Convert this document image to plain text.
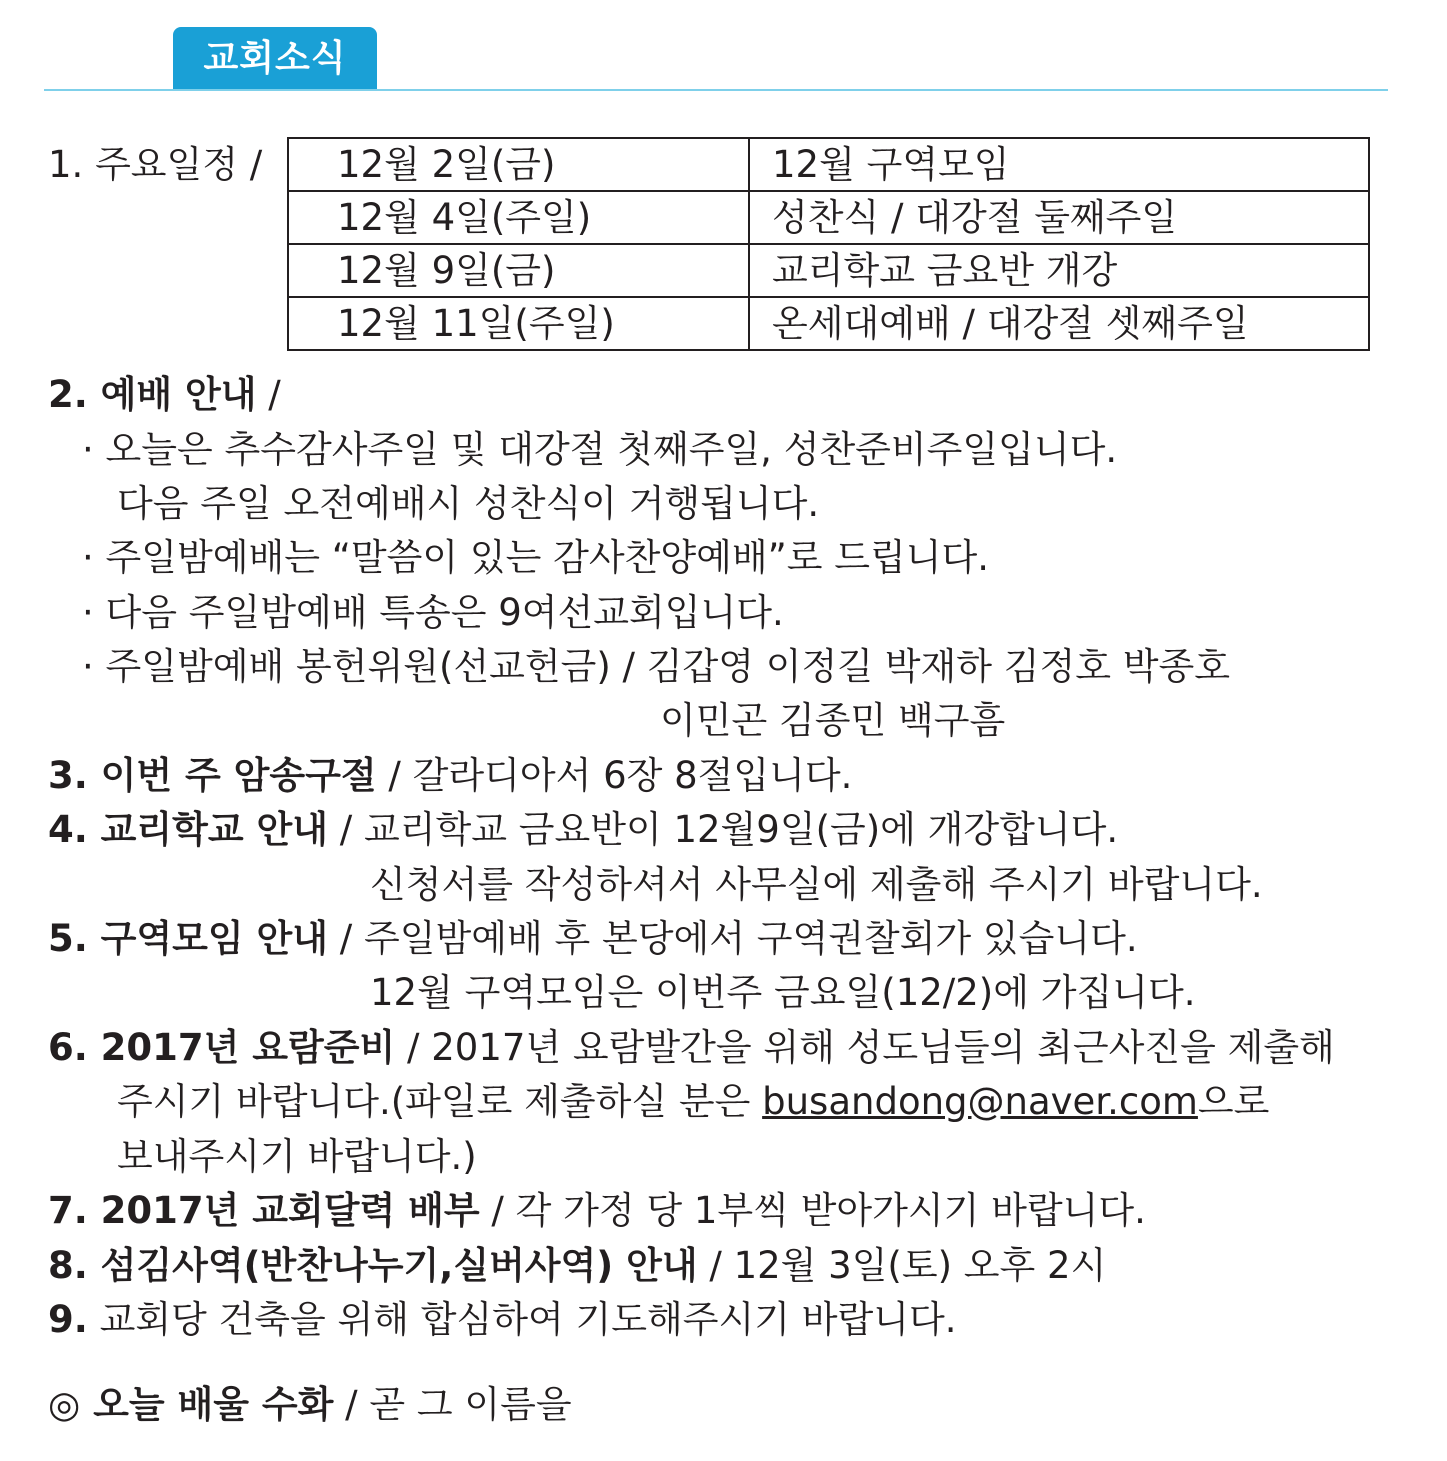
교회소식
1. 주요일정 / 12월 2일(금)	12월 구역모임
12월 4일(주일)	성찬식 / 대강절 둘째주일
12월 9일(금)	교리학교 금요반 개강
12월 11일(주일)	온세대예배 / 대강절 셋째주일
2. 예배 안내 /
· 오늘은 추수감사주일 및 대강절 첫째주일, 성찬준비주일입니다.
다음 주일 오전예배시 성찬식이 거행됩니다.
· 주일밤예배는 “말씀이 있는 감사찬양예배”로 드립니다.
· 다음 주일밤예배 특송은 9여선교회입니다.
· 주일밤예배 봉헌위원(선교헌금) / 김갑영 이정길 박재하 김정호 박종호
이민곤 김종민 백구흠
3. 이번 주 암송구절 / 갈라디아서 6장 8절입니다.
4. 교리학교 안내 / 교리학교 금요반이 12월9일(금)에 개강합니다.
신청서를 작성하셔서 사무실에 제출해 주시기 바랍니다.
5. 구역모임 안내 / 주일밤예배 후 본당에서 구역권찰회가 있습니다.
12월 구역모임은 이번주 금요일(12/2)에 가집니다.
6. 2017년 요람준비 / 2017년 요람발간을 위해 성도님들의 최근사진을 제출해
주시기 바랍니다.(파일로 제출하실 분은 busandong@naver.com으로
보내주시기 바랍니다.)
7. 2017년 교회달력 배부 / 각 가정 당 1부씩 받아가시기 바랍니다.
8. 섬김사역(반찬나누기,실버사역) 안내 / 12월 3일(토) 오후 2시
9. 교회당 건축을 위해 합심하여 기도해주시기 바랍니다.
◎ 오늘 배울 수화 / 곧 그 이름을
